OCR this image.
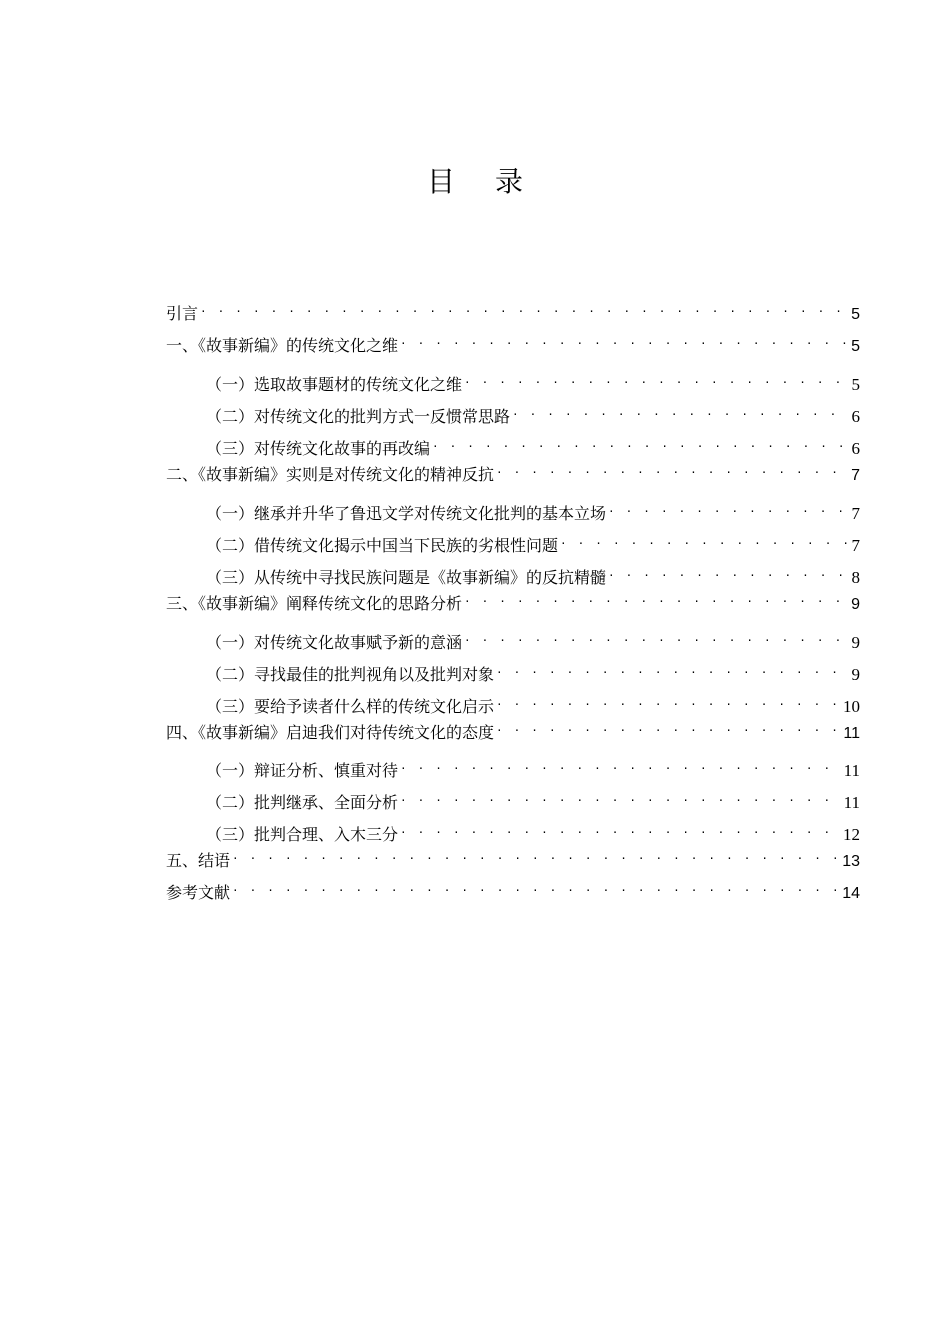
目录
引言 . . .	5
一、《故事新编》的传统文化之维 . . .	5
（一）选取故事题材的传统文化之维 . . .	5
（二）对传统文化的批判方式一反惯常思路 . . .	6
（三）对传统文化故事的再改编 . . .	6
二、《故事新编》实则是对传统文化的精神反抗 . . .	7
（一）继承并升华了鲁迅文学对传统文化批判的基本立场 . . .	7
（二）借传统文化揭示中国当下民族的劣根性问题 . . .	7
（三）从传统中寻找民族问题是《故事新编》的反抗精髓 . . .	8
三、《故事新编》阐释传统文化的思路分析 . . .	9
（一）对传统文化故事赋予新的意涵 . . .	9
（二）寻找最佳的批判视角以及批判对象 . . .	9
（三）要给予读者什么样的传统文化启示 . . .	10
四、《故事新编》启迪我们对待传统文化的态度 . . .	11
（一）辩证分析、慎重对待 . . .	11
（二）批判继承、全面分析 . . .	11
（三）批判合理、入木三分 . . .	12
五、结语 . . .	13
参考文献 . . .	14
